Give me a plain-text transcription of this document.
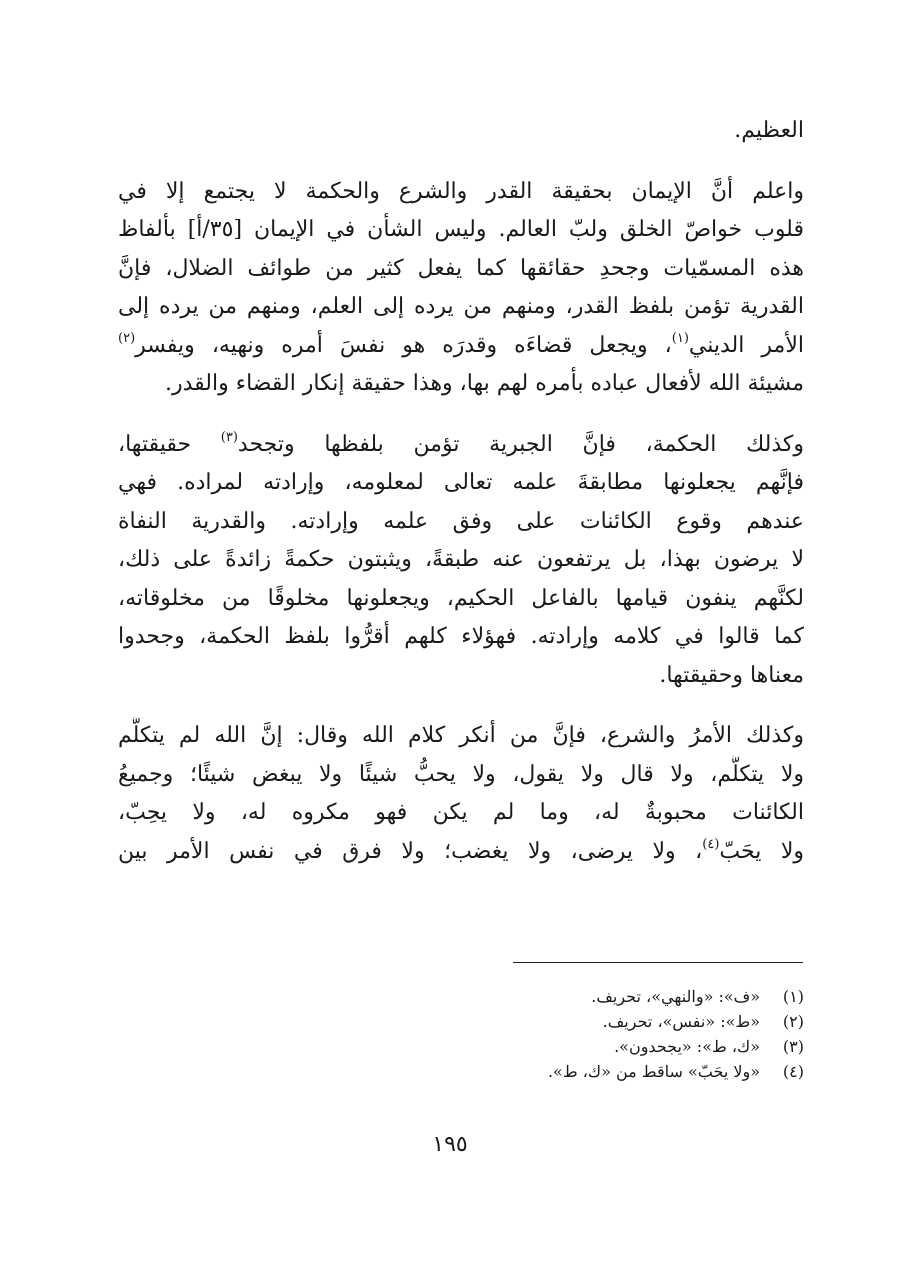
العظيم.
واعلم أنَّ الإيمان بحقيقة القدر والشرع والحكمة لا يجتمع إلا في
قلوب خواصّ الخلق ولبّ العالم. وليس الشأن في الإيمان [٣٥/أ] بألفاظ
هذه المسمّيات وجحدِ حقائقها كما يفعل كثير من طوائف الضلال، فإنَّ
القدرية تؤمن بلفظ القدر، ومنهم من يرده إلى العلم، ومنهم من يرده إلى
الأمر الديني$^{(١)}$، ويجعل قضاءَه وقدرَه هو نفسَ أمره ونهيه، ويفسر$^{(٢)}$
مشيئة الله لأفعال عباده بأمره لهم بها، وهذا حقيقة إنكار القضاء والقدر.
وكذلك الحكمة، فإنَّ الجبرية تؤمن بلفظها وتجحد$^{(٣)}$ حقيقتها،
فإنَّهم يجعلونها مطابقةَ علمه تعالى لمعلومه، وإرادته لمراده. فهي
عندهم وقوع الكائنات على وفق علمه وإرادته. والقدرية النفاة
لا يرضون بهذا، بل يرتفعون عنه طبقةً، ويثبتون حكمةً زائدةً على ذلك،
لكنَّهم ينفون قيامها بالفاعل الحكيم، ويجعلونها مخلوقًا من مخلوقاته،
كما قالوا في كلامه وإرادته. فهؤلاء كلهم أقرُّوا بلفظ الحكمة، وجحدوا
معناها وحقيقتها.
وكذلك الأمرُ والشرع، فإنَّ من أنكر كلام الله وقال: إنَّ الله لم يتكلَّم
ولا يتكلَّم، ولا قال ولا يقول، ولا يحبُّ شيئًا ولا يبغض شيئًا؛ وجميعُ
الكائنات محبوبةٌ له، وما لم يكن فهو مكروه له، ولا يحِبّ،
ولا يحَبّ$^{(٤)}$، ولا يرضى، ولا يغضب؛ ولا فرق في نفس الأمر بين
(١)
«ف»: «والنهي»، تحريف.
(٢)
«ط»: «نفس»، تحريف.
(٣)
«ك، ط»: «يجحدون».
(٤)
«ولا يحَبّ» ساقط من «ك، ط».
١٩٥
